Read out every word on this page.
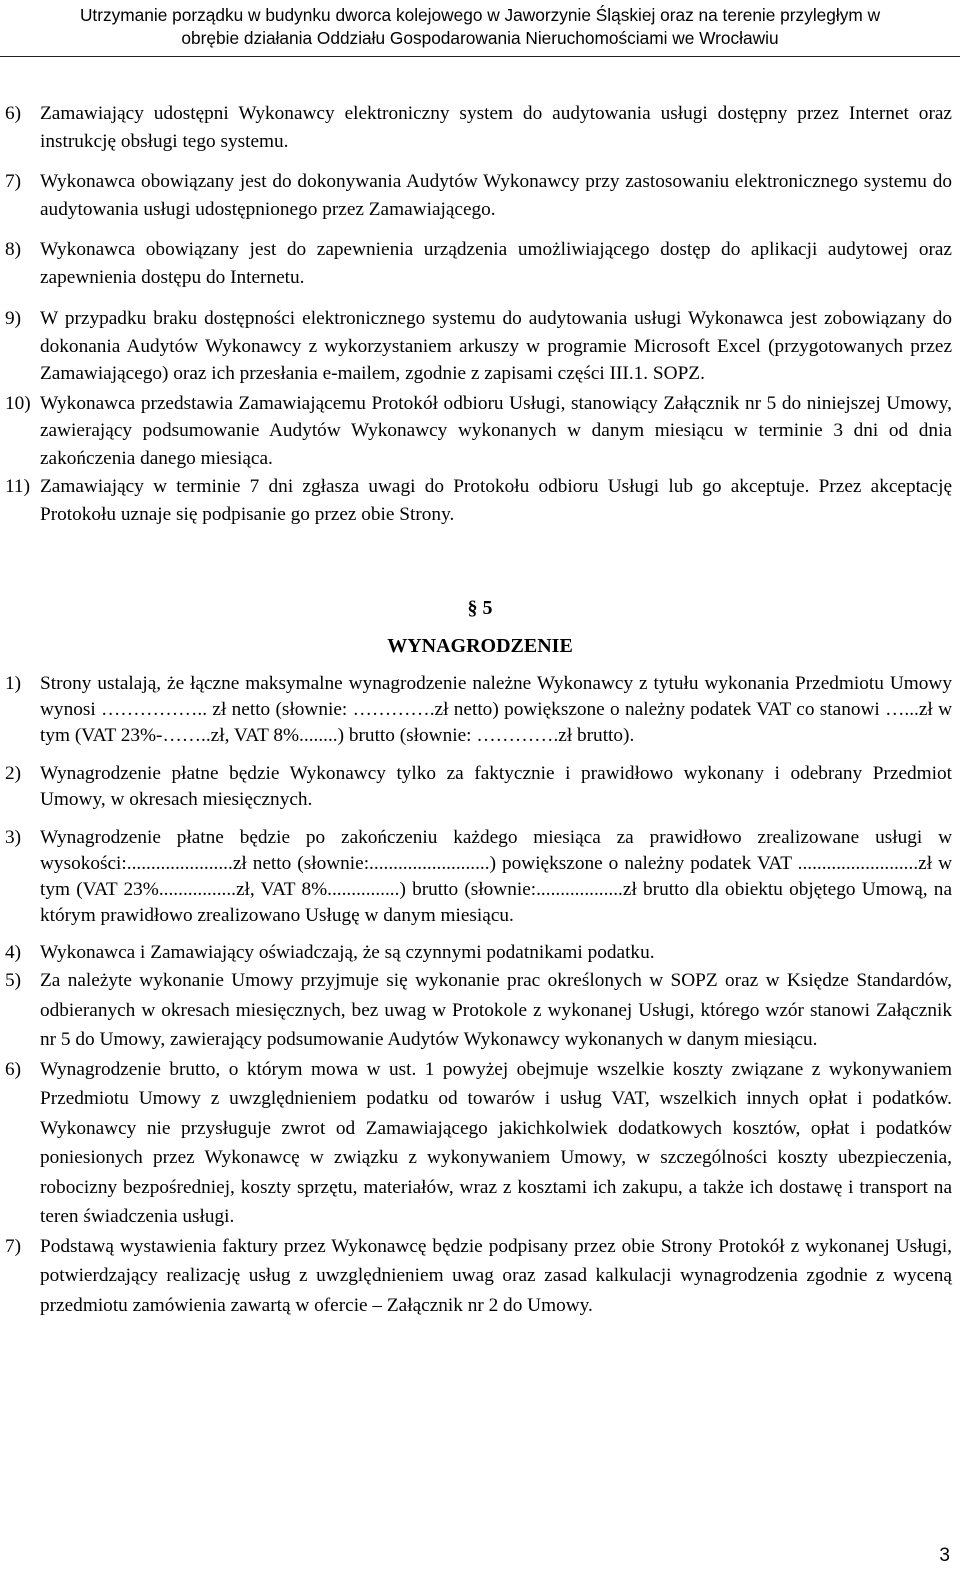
Utrzymanie porządku w budynku dworca kolejowego w Jaworzynie Śląskiej oraz na terenie przyległym w
obrębie działania Oddziału Gospodarowania Nieruchomościami we Wrocławiu
6) Zamawiający udostępni Wykonawcy elektroniczny system do audytowania usługi dostępny przez Internet oraz instrukcję obsługi tego systemu.
7) Wykonawca obowiązany jest do dokonywania Audytów Wykonawcy przy zastosowaniu elektronicznego systemu do audytowania usługi udostępnionego przez Zamawiającego.
8) Wykonawca obowiązany jest do zapewnienia urządzenia umożliwiającego dostęp do aplikacji audytowej oraz zapewnienia dostępu do Internetu.
9) W przypadku braku dostępności elektronicznego systemu do audytowania usługi Wykonawca jest zobowiązany do dokonania Audytów Wykonawcy z wykorzystaniem arkuszy w programie Microsoft Excel (przygotowanych przez Zamawiającego) oraz ich przesłania e-mailem, zgodnie z zapisami części III.1. SOPZ.
10) Wykonawca przedstawia Zamawiającemu Protokół odbioru Usługi, stanowiący Załącznik nr 5 do niniejszej Umowy, zawierający podsumowanie Audytów Wykonawcy wykonanych w danym miesiącu w terminie 3 dni od dnia zakończenia danego miesiąca.
11) Zamawiający w terminie 7 dni zgłasza uwagi do Protokołu odbioru Usługi lub go akceptuje. Przez akceptację Protokołu uznaje się podpisanie go przez obie Strony.
§ 5
WYNAGRODZENIE
1) Strony ustalają, że łączne maksymalne wynagrodzenie należne Wykonawcy z tytułu wykonania Przedmiotu Umowy wynosi …………….. zł netto (słownie: ………….zł netto) powiększone o należny podatek VAT co stanowi …...zł w tym (VAT 23%-……..zł, VAT 8%........) brutto (słownie: ………….zł brutto).
2) Wynagrodzenie płatne będzie Wykonawcy tylko za faktycznie i prawidłowo wykonany i odebrany Przedmiot Umowy, w okresach miesięcznych.
3) Wynagrodzenie płatne będzie po zakończeniu każdego miesiąca za prawidłowo zrealizowane usługi w wysokości:......................zł netto (słownie:.........................) powiększone o należny podatek VAT .........................zł w tym (VAT 23%................zł, VAT 8%...............) brutto (słownie:..................zł brutto dla obiektu objętego Umową, na którym prawidłowo zrealizowano Usługę w danym miesiącu.
4) Wykonawca i Zamawiający oświadczają, że są czynnymi podatnikami podatku.
5) Za należyte wykonanie Umowy przyjmuje się wykonanie prac określonych w SOPZ oraz w Księdze Standardów, odbieranych w okresach miesięcznych, bez uwag w Protokole z wykonanej Usługi, którego wzór stanowi Załącznik nr 5 do Umowy, zawierający podsumowanie Audytów Wykonawcy wykonanych w danym miesiącu.
6) Wynagrodzenie brutto, o którym mowa w ust. 1 powyżej obejmuje wszelkie koszty związane z wykonywaniem Przedmiotu Umowy z uwzględnieniem podatku od towarów i usług VAT, wszelkich innych opłat i podatków. Wykonawcy nie przysługuje zwrot od Zamawiającego jakichkolwiek dodatkowych kosztów, opłat i podatków poniesionych przez Wykonawcę w związku z wykonywaniem Umowy, w szczególności koszty ubezpieczenia, robocizny bezpośredniej, koszty sprzętu, materiałów, wraz z kosztami ich zakupu, a także ich dostawę i transport na teren świadczenia usługi.
7) Podstawą wystawienia faktury przez Wykonawcę będzie podpisany przez obie Strony Protokół z wykonanej Usługi, potwierdzający realizację usług z uwzględnieniem uwag oraz zasad kalkulacji wynagrodzenia zgodnie z wyceną przedmiotu zamówienia zawartą w ofercie – Załącznik nr 2 do Umowy.
3
